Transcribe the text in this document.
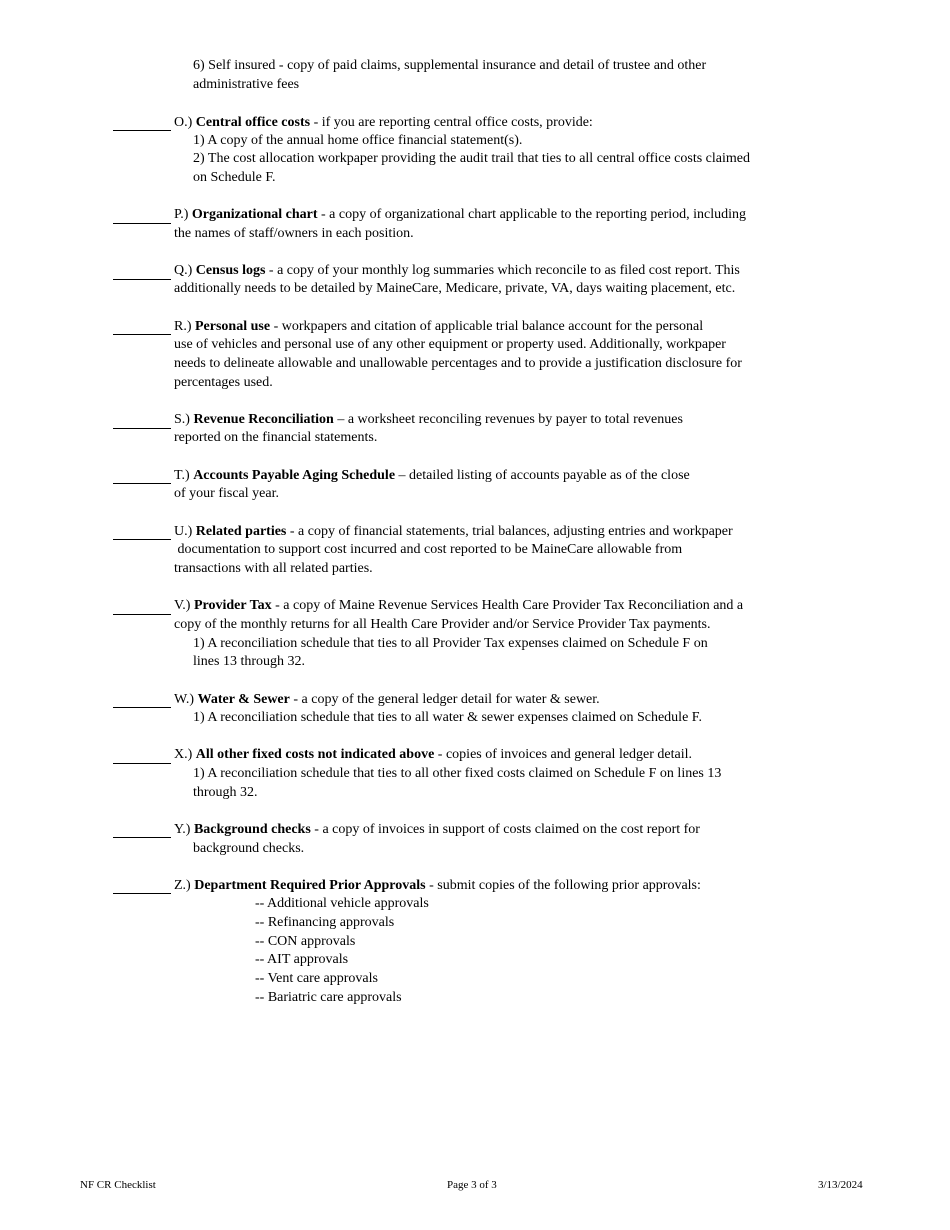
6) Self insured - copy of paid claims, supplemental insurance and detail of trustee and other
administrative fees
O.) Central office costs - if you are reporting central office costs, provide:
1) A copy of the annual home office financial statement(s).
2) The cost allocation workpaper providing the audit trail that ties to all central office costs claimed
on Schedule F.
P.) Organizational chart - a copy of organizational chart applicable to the reporting period, including
the names of staff/owners in each position.
Q.) Census logs - a copy of your monthly log summaries which reconcile to as filed cost report. This
additionally needs to be detailed by MaineCare, Medicare, private, VA, days waiting placement, etc.
R.) Personal use - workpapers and citation of applicable trial balance account for the personal
use of vehicles and personal use of any other equipment or property used. Additionally, workpaper
needs to delineate allowable and unallowable percentages and to provide a justification disclosure for
percentages used.
S.) Revenue Reconciliation – a worksheet reconciling revenues by payer to total revenues
reported on the financial statements.
T.) Accounts Payable Aging Schedule – detailed listing of accounts payable as of the close
of your fiscal year.
U.) Related parties - a copy of financial statements, trial balances, adjusting entries and workpaper
documentation to support cost incurred and cost reported to be MaineCare allowable from
transactions with all related parties.
V.) Provider Tax - a copy of Maine Revenue Services Health Care Provider Tax Reconciliation and a
copy of the monthly returns for all Health Care Provider and/or Service Provider Tax payments.
1) A reconciliation schedule that ties to all Provider Tax expenses claimed on Schedule F on
lines 13 through 32.
W.) Water & Sewer - a copy of the general ledger detail for water & sewer.
1) A reconciliation schedule that ties to all water & sewer expenses claimed on Schedule F.
X.) All other fixed costs not indicated above - copies of invoices and general ledger detail.
1) A reconciliation schedule that ties to all other fixed costs claimed on Schedule F on lines 13
through 32.
Y.) Background checks - a copy of invoices in support of costs claimed on the cost report for
background checks.
Z.) Department Required Prior Approvals - submit copies of the following prior approvals:
-- Additional vehicle approvals
-- Refinancing approvals
-- CON approvals
-- AIT approvals
-- Vent care approvals
-- Bariatric care approvals
NF CR Checklist	Page 3 of 3	3/13/2024
